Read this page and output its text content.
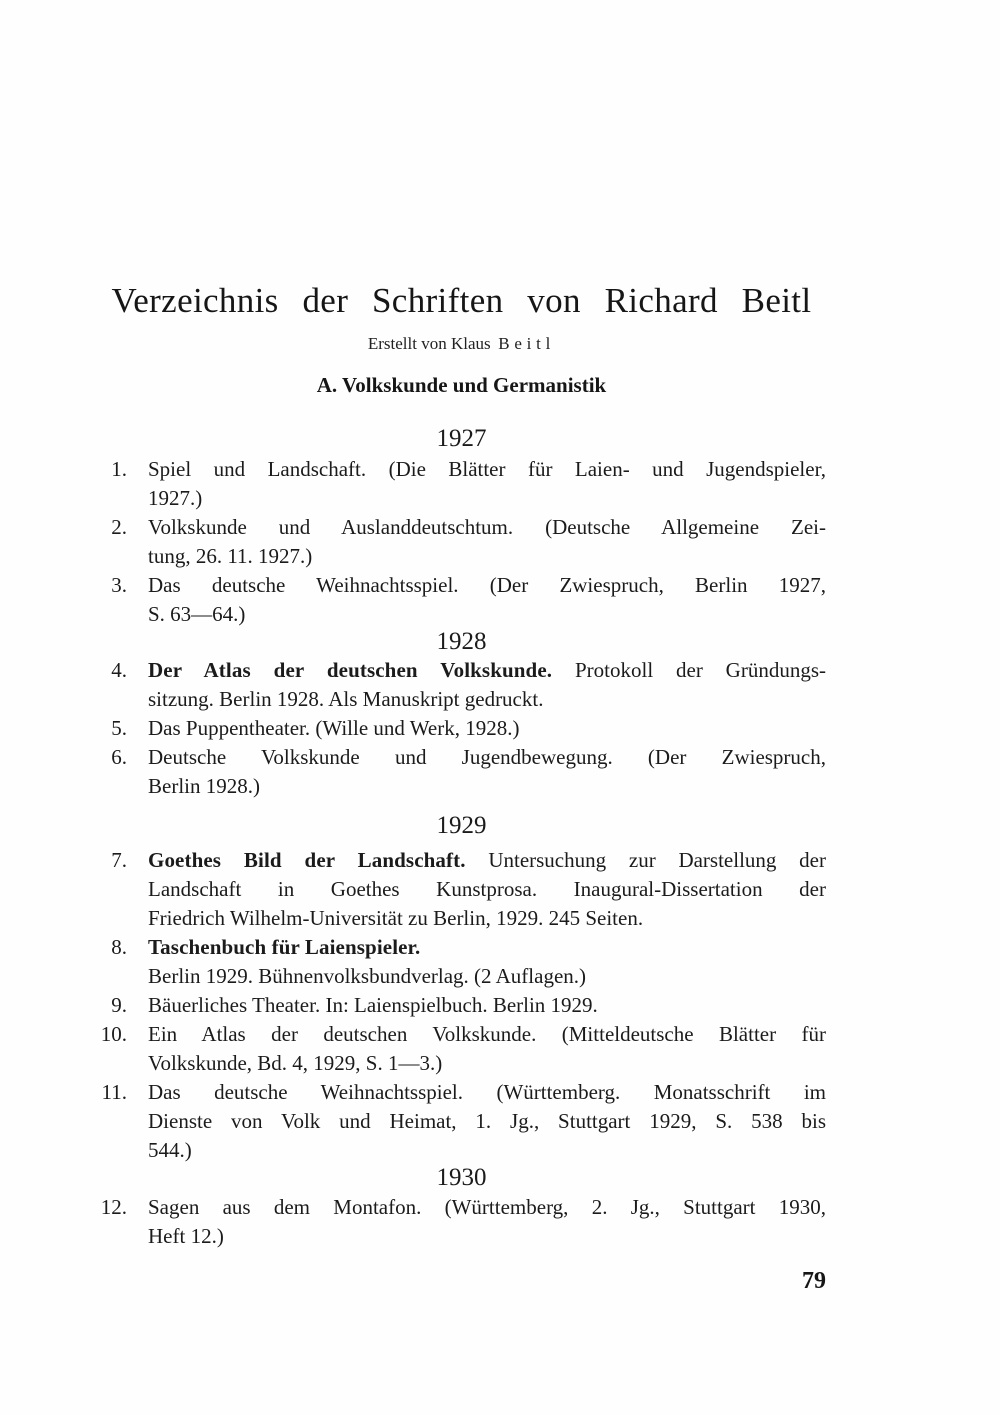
Verzeichnis der Schriften von Richard Beitl
Erstellt von Klaus Beitl
A. Volkskunde und Germanistik
1927
1. Spiel und Landschaft. (Die Blätter für Laien- und Jugendspieler,
1927.)
2. Volkskunde und Auslanddeutschtum. (Deutsche Allgemeine Zei-
tung, 26. 11. 1927.)
3. Das deutsche Weihnachtsspiel. (Der Zwiespruch, Berlin 1927,
S. 63—64.)
1928
4. Der Atlas der deutschen Volkskunde. Protokoll der Gründungs-
sitzung. Berlin 1928. Als Manuskript gedruckt.
5. Das Puppentheater. (Wille und Werk, 1928.)
6. Deutsche Volkskunde und Jugendbewegung. (Der Zwiespruch,
Berlin 1928.)
1929
7. Goethes Bild der Landschaft. Untersuchung zur Darstellung der
Landschaft in Goethes Kunstprosa. Inaugural-Dissertation der
Friedrich Wilhelm-Universität zu Berlin, 1929. 245 Seiten.
8. Taschenbuch für Laienspieler.
Berlin 1929. Bühnenvolksbundverlag. (2 Auflagen.)
9. Bäuerliches Theater. In: Laienspielbuch. Berlin 1929.
10. Ein Atlas der deutschen Volkskunde. (Mitteldeutsche Blätter für
Volkskunde, Bd. 4, 1929, S. 1—3.)
11. Das deutsche Weihnachtsspiel. (Württemberg. Monatsschrift im
Dienste von Volk und Heimat, 1. Jg., Stuttgart 1929, S. 538 bis
544.)
1930
12. Sagen aus dem Montafon. (Württemberg, 2. Jg., Stuttgart 1930,
Heft 12.)
79
